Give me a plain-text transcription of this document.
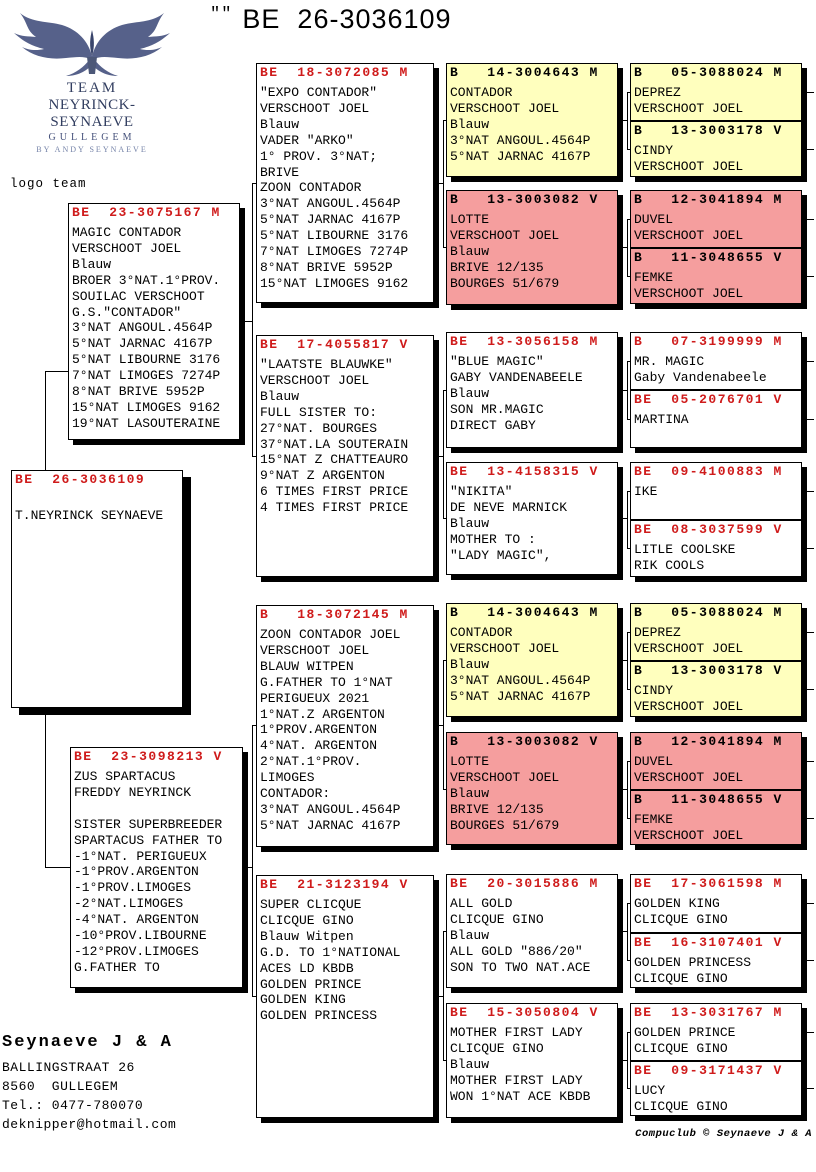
TEAM
NEYRINCK-SEYNAEVE
GULLEGEM
BY ANDY SEYNAEVE
logo team
"" BE  26-3036109
BE  23-3075167 M
MAGIC CONTADOR
VERSCHOOT JOEL
Blauw
BROER 3°NAT.1°PROV.
SOUILAC VERSCHOOT
G.S."CONTADOR"
3°NAT ANGOUL.4564P
5°NAT JARNAC 4167P
5°NAT LIBOURNE 3176
7°NAT LIMOGES 7274P
8°NAT BRIVE 5952P
15°NAT LIMOGES 9162
19°NAT LASOUTERAINE
BE  26-3036109

T.NEYRINCK SEYNAEVE
BE  23-3098213 V
ZUS SPARTACUS
FREDDY NEYRINCK

SISTER SUPERBREEDER
SPARTACUS FATHER TO
-1°NAT. PERIGUEUX
-1°PROV.ARGENTON
-1°PROV.LIMOGES
-2°NAT.LIMOGES
-4°NAT. ARGENTON
-10°PROV.LIBOURNE
-12°PROV.LIMOGES
G.FATHER TO
BE  18-3072085 M
"EXPO CONTADOR"
VERSCHOOT JOEL
Blauw
VADER "ARKO"
1° PROV. 3°NAT;
BRIVE
ZOON CONTADOR
3°NAT ANGOUL.4564P
5°NAT JARNAC 4167P
5°NAT LIBOURNE 3176
7°NAT LIMOGES 7274P
8°NAT BRIVE 5952P
15°NAT LIMOGES 9162
BE  17-4055817 V
"LAATSTE BLAUWKE"
VERSCHOOT JOEL
Blauw
FULL SISTER TO:
27°NAT. BOURGES
37°NAT.LA SOUTERAIN
15°NAT Z CHATTEAURO
9°NAT Z ARGENTON
6 TIMES FIRST PRICE
4 TIMES FIRST PRICE
B   18-3072145 M
ZOON CONTADOR JOEL
VERSCHOOT JOEL
BLAUW WITPEN
G.FATHER TO 1°NAT
PERIGUEUX 2021
1°NAT.Z ARGENTON
1°PROV.ARGENTON
4°NAT. ARGENTON
2°NAT.1°PROV.
LIMOGES
CONTADOR:
3°NAT ANGOUL.4564P
5°NAT JARNAC 4167P
BE  21-3123194 V
SUPER CLICQUE
CLICQUE GINO
Blauw Witpen
G.D. TO 1°NATIONAL
ACES LD KBDB
GOLDEN PRINCE
GOLDEN KING
GOLDEN PRINCESS
B   14-3004643 M
CONTADOR
VERSCHOOT JOEL
Blauw
3°NAT ANGOUL.4564P
5°NAT JARNAC 4167P
B   13-3003082 V
LOTTE
VERSCHOOT JOEL
Blauw
BRIVE 12/135
BOURGES 51/679
BE  13-3056158 M
"BLUE MAGIC"
GABY VANDENABEELE
Blauw
SON MR.MAGIC
DIRECT GABY
BE  13-4158315 V
"NIKITA"
DE NEVE MARNICK
Blauw
MOTHER TO :
"LADY MAGIC",
B   14-3004643 M
CONTADOR
VERSCHOOT JOEL
Blauw
3°NAT ANGOUL.4564P
5°NAT JARNAC 4167P
B   13-3003082 V
LOTTE
VERSCHOOT JOEL
Blauw
BRIVE 12/135
BOURGES 51/679
BE  20-3015886 M
ALL GOLD
CLICQUE GINO
Blauw
ALL GOLD "886/20"
SON TO TWO NAT.ACE
BE  15-3050804 V
MOTHER FIRST LADY
CLICQUE GINO
Blauw
MOTHER FIRST LADY
WON 1°NAT ACE KBDB
B   05-3088024 M
DEPREZ
VERSCHOOT JOEL
B   13-3003178 V
CINDY
VERSCHOOT JOEL
B   12-3041894 M
DUVEL
VERSCHOOT JOEL
B   11-3048655 V
FEMKE
VERSCHOOT JOEL
B   07-3199999 M
MR. MAGIC
Gaby Vandenabeele
BE  05-2076701 V
MARTINA
BE  09-4100883 M
IKE
BE  08-3037599 V
LITLE COOLSKE
RIK COOLS
B   05-3088024 M
DEPREZ
VERSCHOOT JOEL
B   13-3003178 V
CINDY
VERSCHOOT JOEL
B   12-3041894 M
DUVEL
VERSCHOOT JOEL
B   11-3048655 V
FEMKE
VERSCHOOT JOEL
BE  17-3061598 M
GOLDEN KING
CLICQUE GINO
BE  16-3107401 V
GOLDEN PRINCESS
CLICQUE GINO
BE  13-3031767 M
GOLDEN PRINCE
CLICQUE GINO
BE  09-3171437 V
LUCY
CLICQUE GINO
Seynaeve J & A
BALLINGSTRAAT 26
8560  GULLEGEM
Tel.: 0477-780070
deknipper@hotmail.com
Compuclub © Seynaeve J & A
